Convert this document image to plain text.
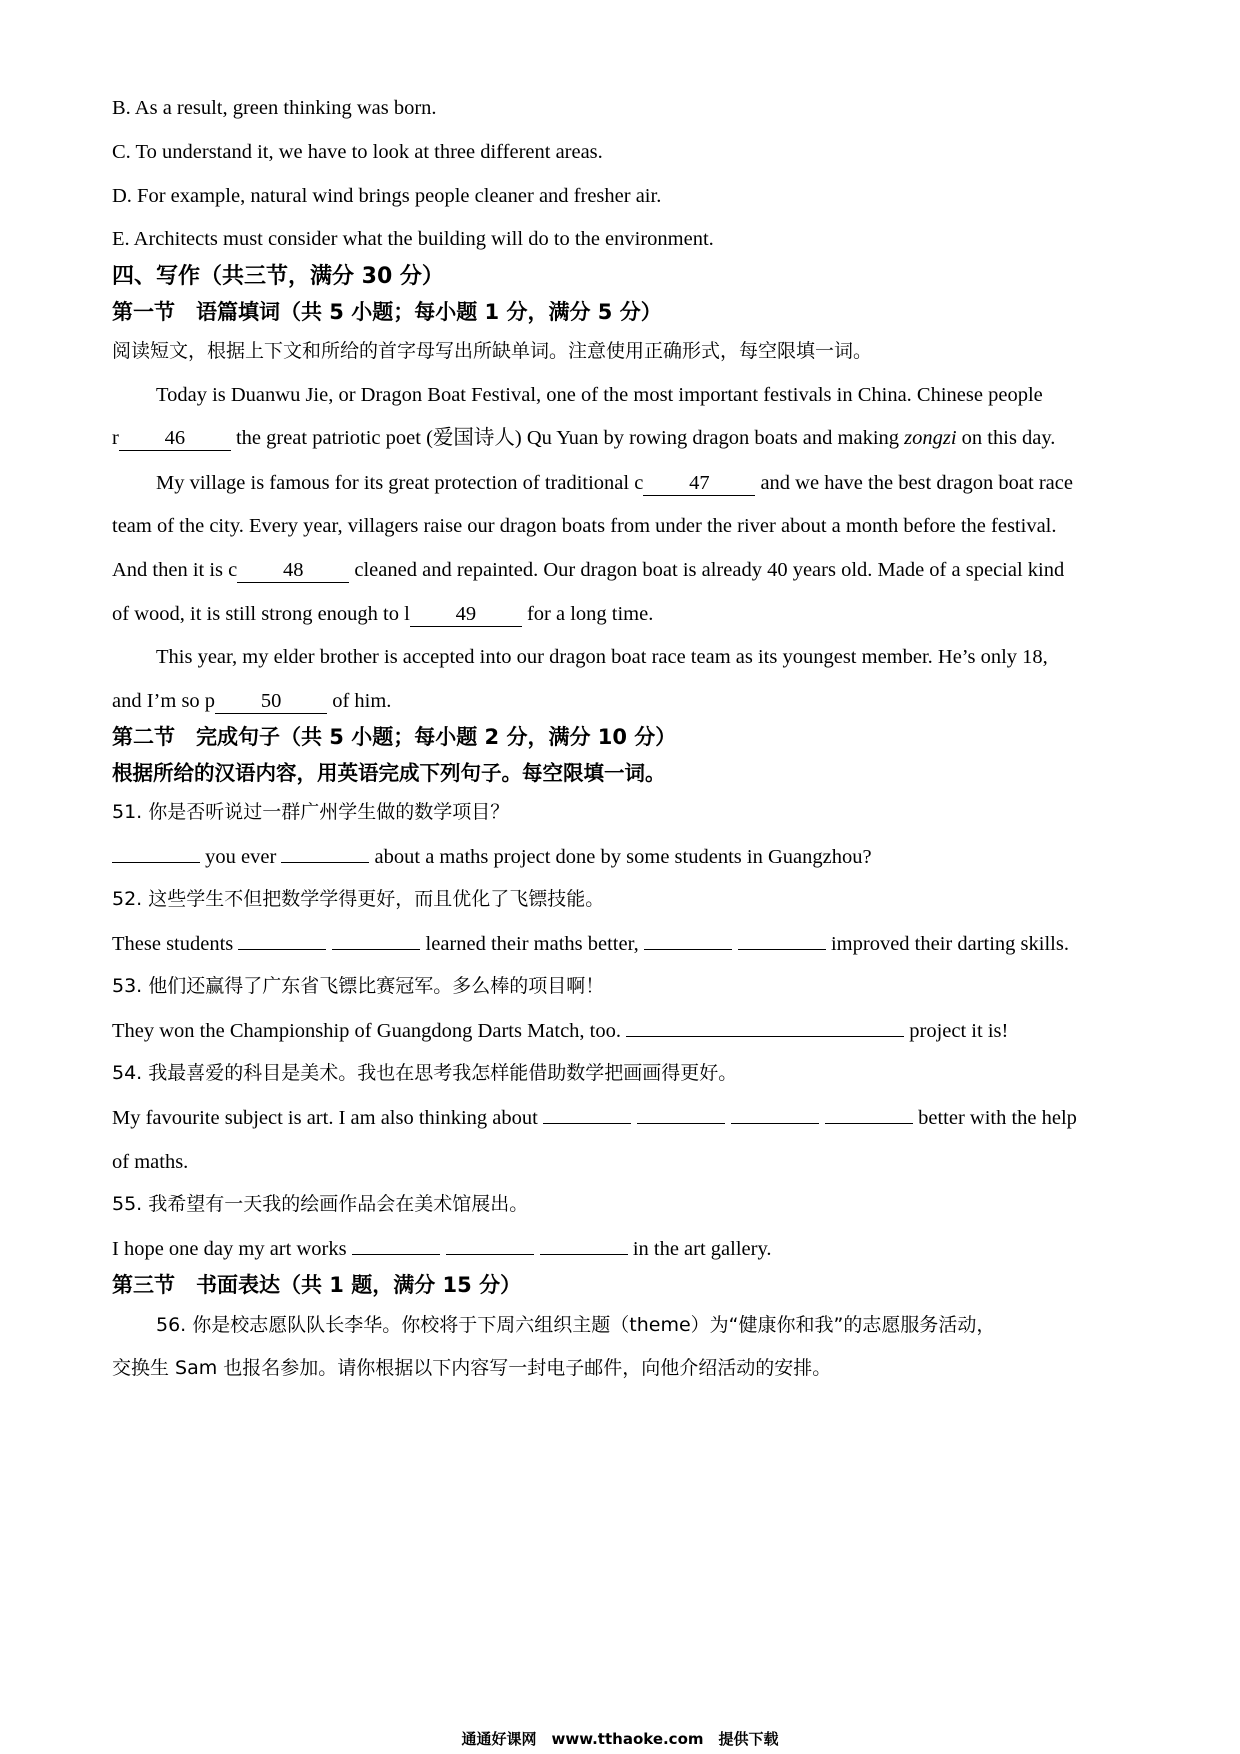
B. As a result, green thinking was born.
C. To understand it, we have to look at three different areas.
D. For example, natural wind brings people cleaner and fresher air.
E. Architects must consider what the building will do to the environment.
四、写作（共三节，满分 30 分）
第一节　语篇填词（共 5 小题；每小题 1 分，满分 5 分）
阅读短文，根据上下文和所给的首字母写出所缺单词。注意使用正确形式，每空限填一词。
Today is Duanwu Jie, or Dragon Boat Festival, one of the most important festivals in China. Chinese people
r 46 the great patriotic poet (爱国诗人) Qu Yuan by rowing dragon boats and making zongzi on this day.
My village is famous for its great protection of traditional c 47 and we have the best dragon boat race
team of the city. Every year, villagers raise our dragon boats from under the river about a month before the festival.
And then it is c 48 cleaned and repainted. Our dragon boat is already 40 years old. Made of a special kind
of wood, it is still strong enough to l 49 for a long time.
This year, my elder brother is accepted into our dragon boat race team as its youngest member. He’s only 18,
and I’m so p 50 of him.
第二节　完成句子（共 5 小题；每小题 2 分，满分 10 分）
根据所给的汉语内容，用英语完成下列句子。每空限填一词。
51. 你是否听说过一群广州学生做的数学项目？
you ever	about a maths project done by some students in Guangzhou?
52. 这些学生不但把数学学得更好，而且优化了飞镖技能。
These students	learned their maths better,	improved their darting skills.
53. 他们还赢得了广东省飞镖比赛冠军。多么棒的项目啊！
They won the Championship of Guangdong Darts Match, too.	project it is!
54. 我最喜爱的科目是美术。我也在思考我怎样能借助数学把画画得更好。
My favourite subject is art. I am also thinking about	better with the help
of maths.
55. 我希望有一天我的绘画作品会在美术馆展出。
I hope one day my art works	in the art gallery.
第三节　书面表达（共 1 题，满分 15 分）
56. 你是校志愿队队长李华。你校将于下周六组织主题（theme）为“健康你和我”的志愿服务活动，
交换生 Sam 也报名参加。请你根据以下内容写一封电子邮件，向他介绍活动的安排。
通通好课网　www.tthaoke.com　提供下载
